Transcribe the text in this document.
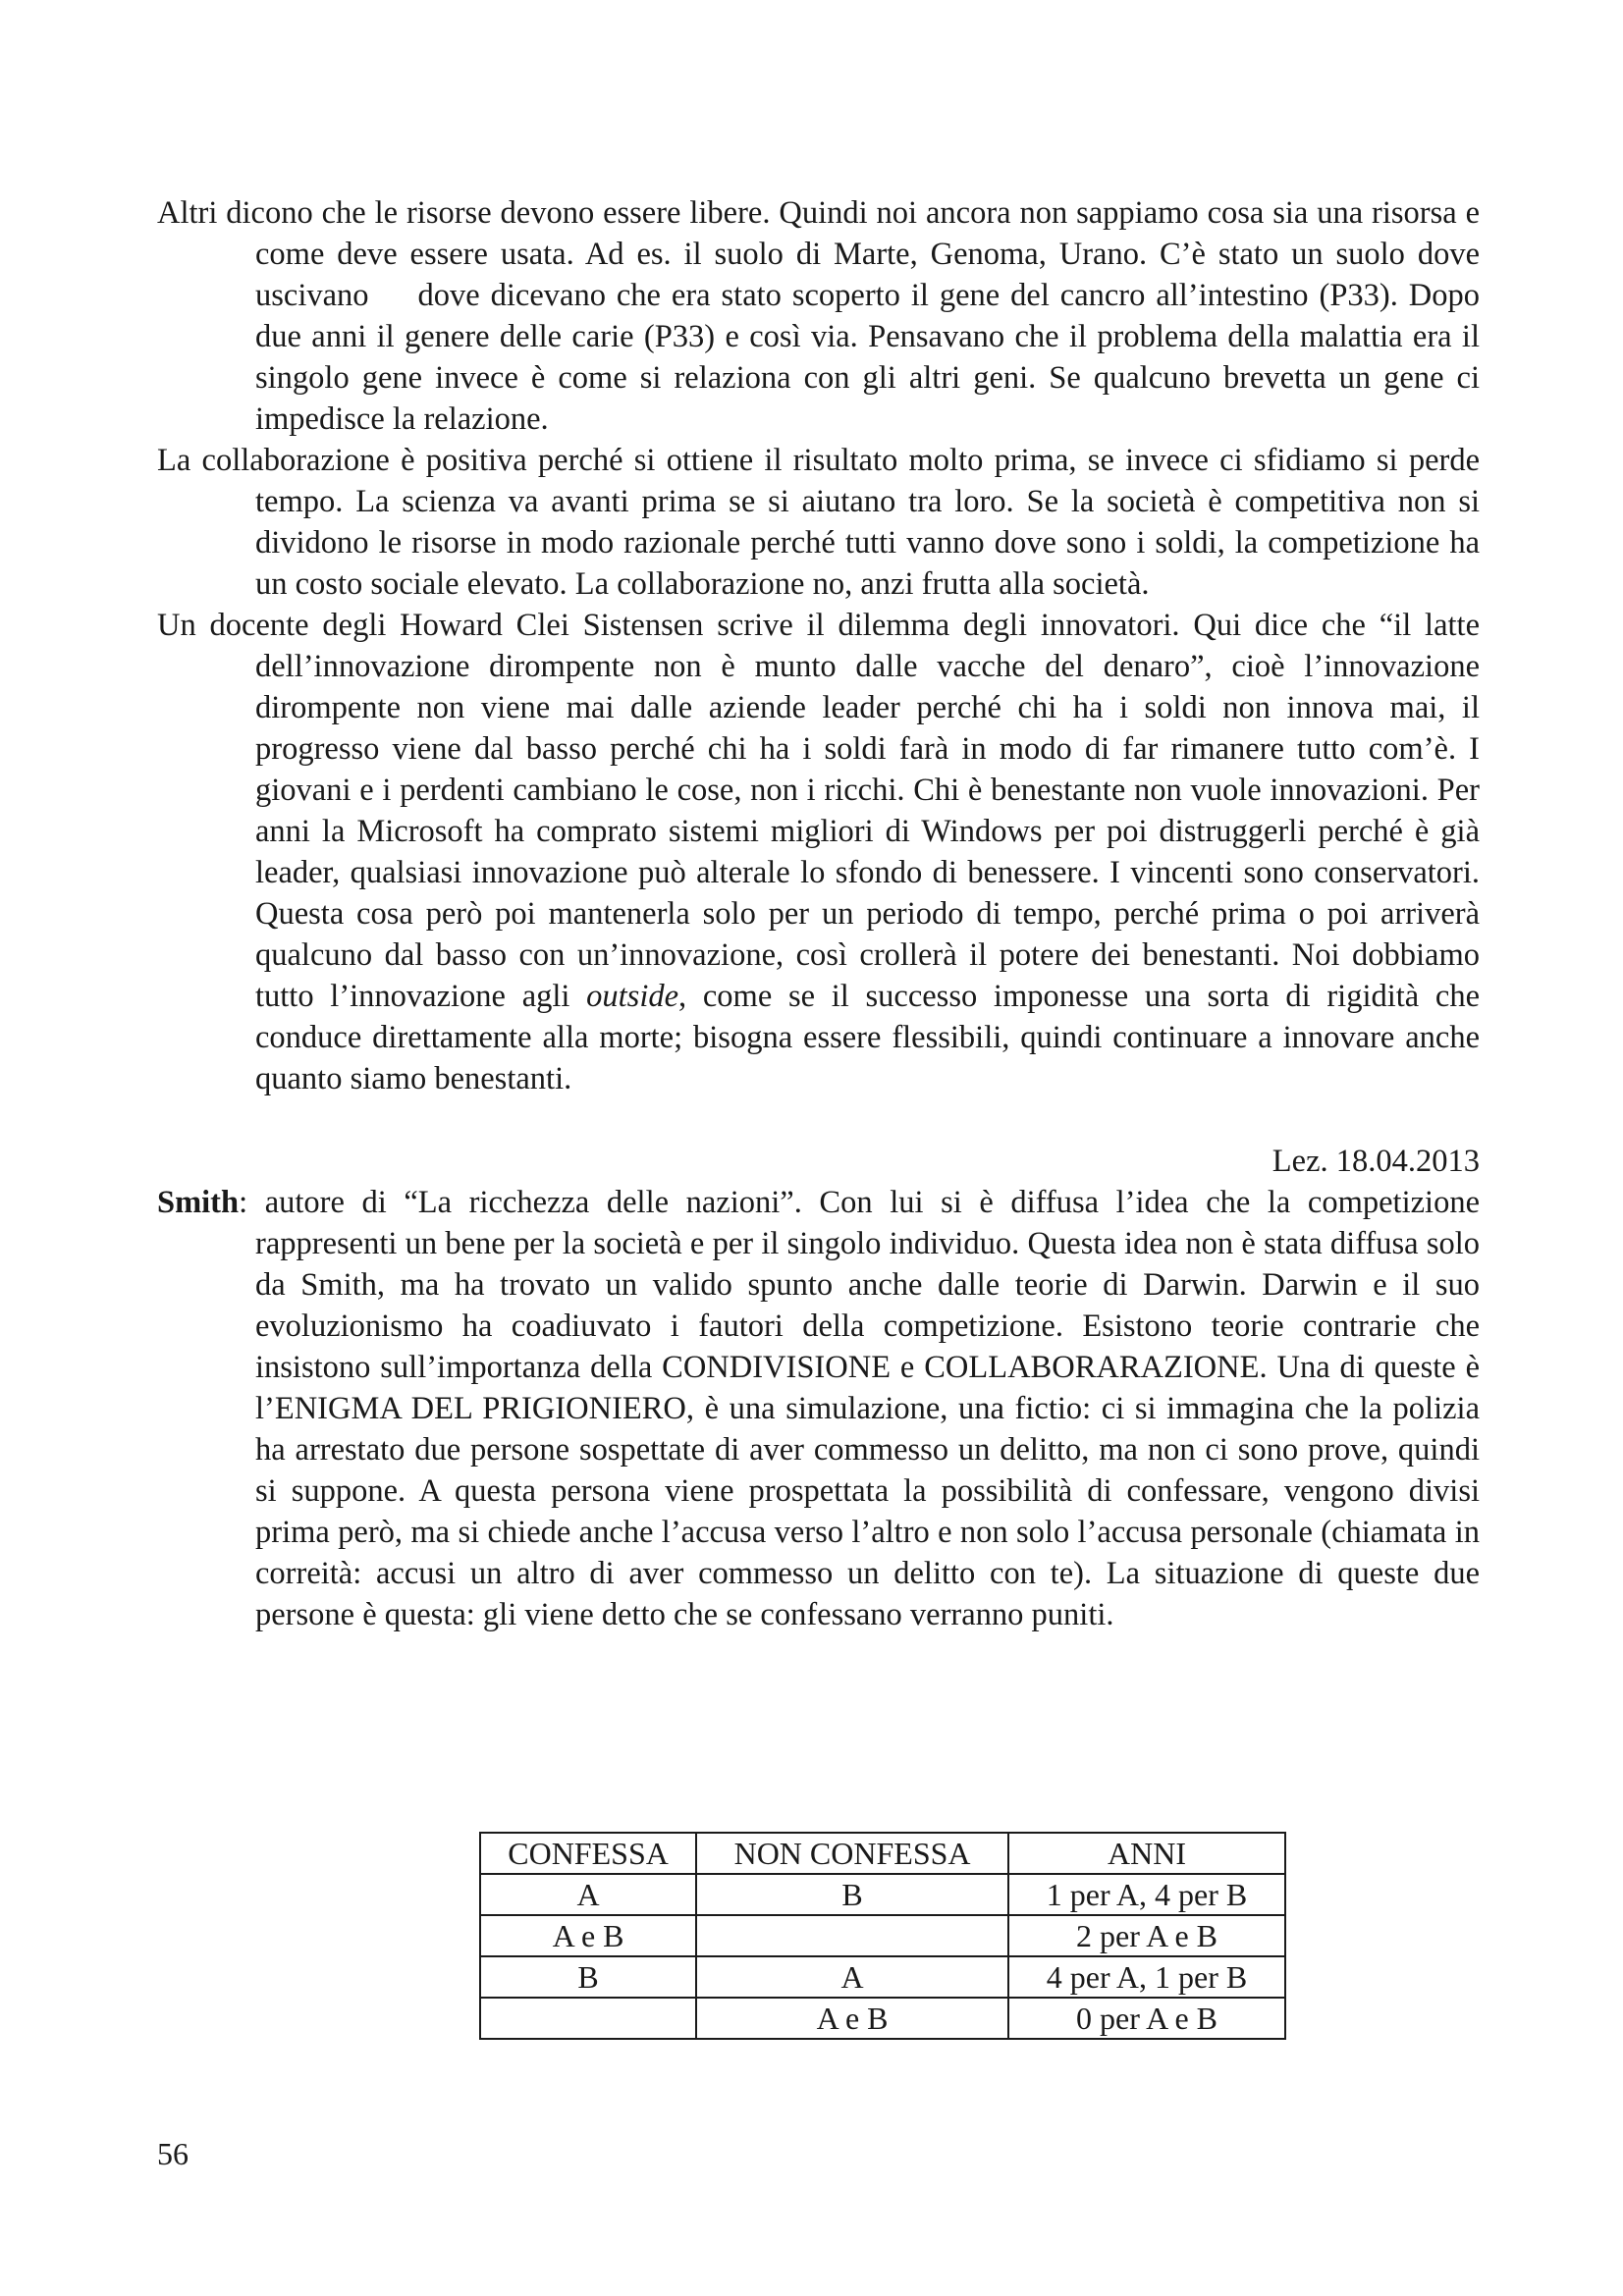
Altri dicono che le risorse devono essere libere. Quindi noi ancora non sappiamo cosa sia una risorsa e come deve essere usata. Ad es. il suolo di Marte, Genoma, Urano. C’è stato un suolo dove uscivano dove dicevano che era stato scoperto il gene del cancro all’intestino (P33). Dopo due anni il genere delle carie (P33) e così via. Pensavano che il problema della malattia era il singolo gene invece è come si relaziona con gli altri geni. Se qualcuno brevetta un gene ci impedisce la relazione.

La collaborazione è positiva perché si ottiene il risultato molto prima, se invece ci sfidiamo si perde tempo. La scienza va avanti prima se si aiutano tra loro. Se la società è competitiva non si dividono le risorse in modo razionale perché tutti vanno dove sono i soldi, la competizione ha un costo sociale elevato. La collaborazione no, anzi frutta alla società.

Un docente degli Howard Clei Sistensen scrive il dilemma degli innovatori. Qui dice che “il latte dell’innovazione dirompente non è munto dalle vacche del denaro”, cioè l’innovazione dirompente non viene mai dalle aziende leader perché chi ha i soldi non innova mai, il progresso viene dal basso perché chi ha i soldi farà in modo di far rimanere tutto com’è. I giovani e i perdenti cambiano le cose, non i ricchi. Chi è benestante non vuole innovazioni. Per anni la Microsoft ha comprato sistemi migliori di Windows per poi distruggerli perché è già leader, qualsiasi innovazione può alterale lo sfondo di benessere. I vincenti sono conservatori. Questa cosa però poi mantenerla solo per un periodo di tempo, perché prima o poi arriverà qualcuno dal basso con un’innovazione, così crollerà il potere dei benestanti. Noi dobbiamo tutto l’innovazione agli outside, come se il successo imponesse una sorta di rigidità che conduce direttamente alla morte; bisogna essere flessibili, quindi continuare a innovare anche quanto siamo benestanti.

Lez. 18.04.2013

Smith: autore di “La ricchezza delle nazioni”. Con lui si è diffusa l’idea che la competizione rappresenti un bene per la società e per il singolo individuo. Questa idea non è stata diffusa solo da Smith, ma ha trovato un valido spunto anche dalle teorie di Darwin. Darwin e il suo evoluzionismo ha coadiuvato i fautori della competizione. Esistono teorie contrarie che insistono sull’importanza della CONDIVISIONE e COLLABORARAZIONE. Una di queste è l’ENIGMA DEL PRIGIONIERO, è una simulazione, una fictio: ci si immagina che la polizia ha arrestato due persone sospettate di aver commesso un delitto, ma non ci sono prove, quindi si suppone. A questa persona viene prospettata la possibilità di confessare, vengono divisi prima però, ma si chiede anche l’accusa verso l’altro e non solo l’accusa personale (chiamata in correità: accusi un altro di aver commesso un delitto con te). La situazione di queste due persone è questa: gli viene detto che se confessano verranno puniti.

CONFESSA	NON CONFESSA	ANNI
A	B	1 per A, 4 per B
A e B		2 per A e B
B	A	4 per A, 1 per B
	A e B	0 per A e B
56
